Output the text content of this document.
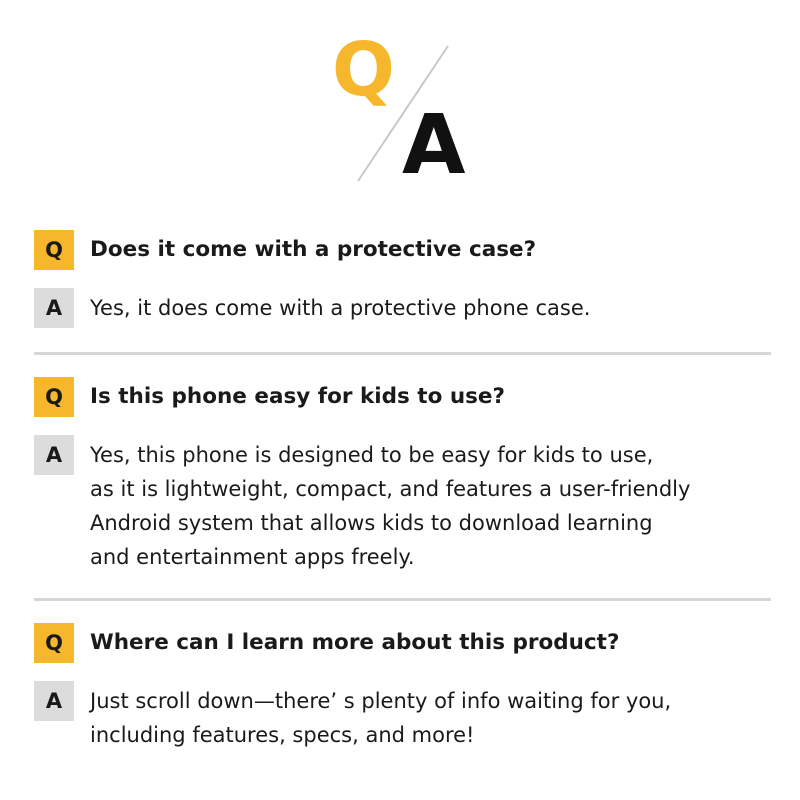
Q
A
Q	Does it come with a protective case?
A	Yes, it does come with a protective phone case.
Q	Is this phone easy for kids to use?
A	Yes, this phone is designed to be easy for kids to use,
as it is lightweight, compact, and features a user-friendly
Android system that allows kids to download learning
and entertainment apps freely.
Q	Where can I learn more about this product?
A	Just scroll down—there’ s plenty of info waiting for you,
including features, specs, and more!
